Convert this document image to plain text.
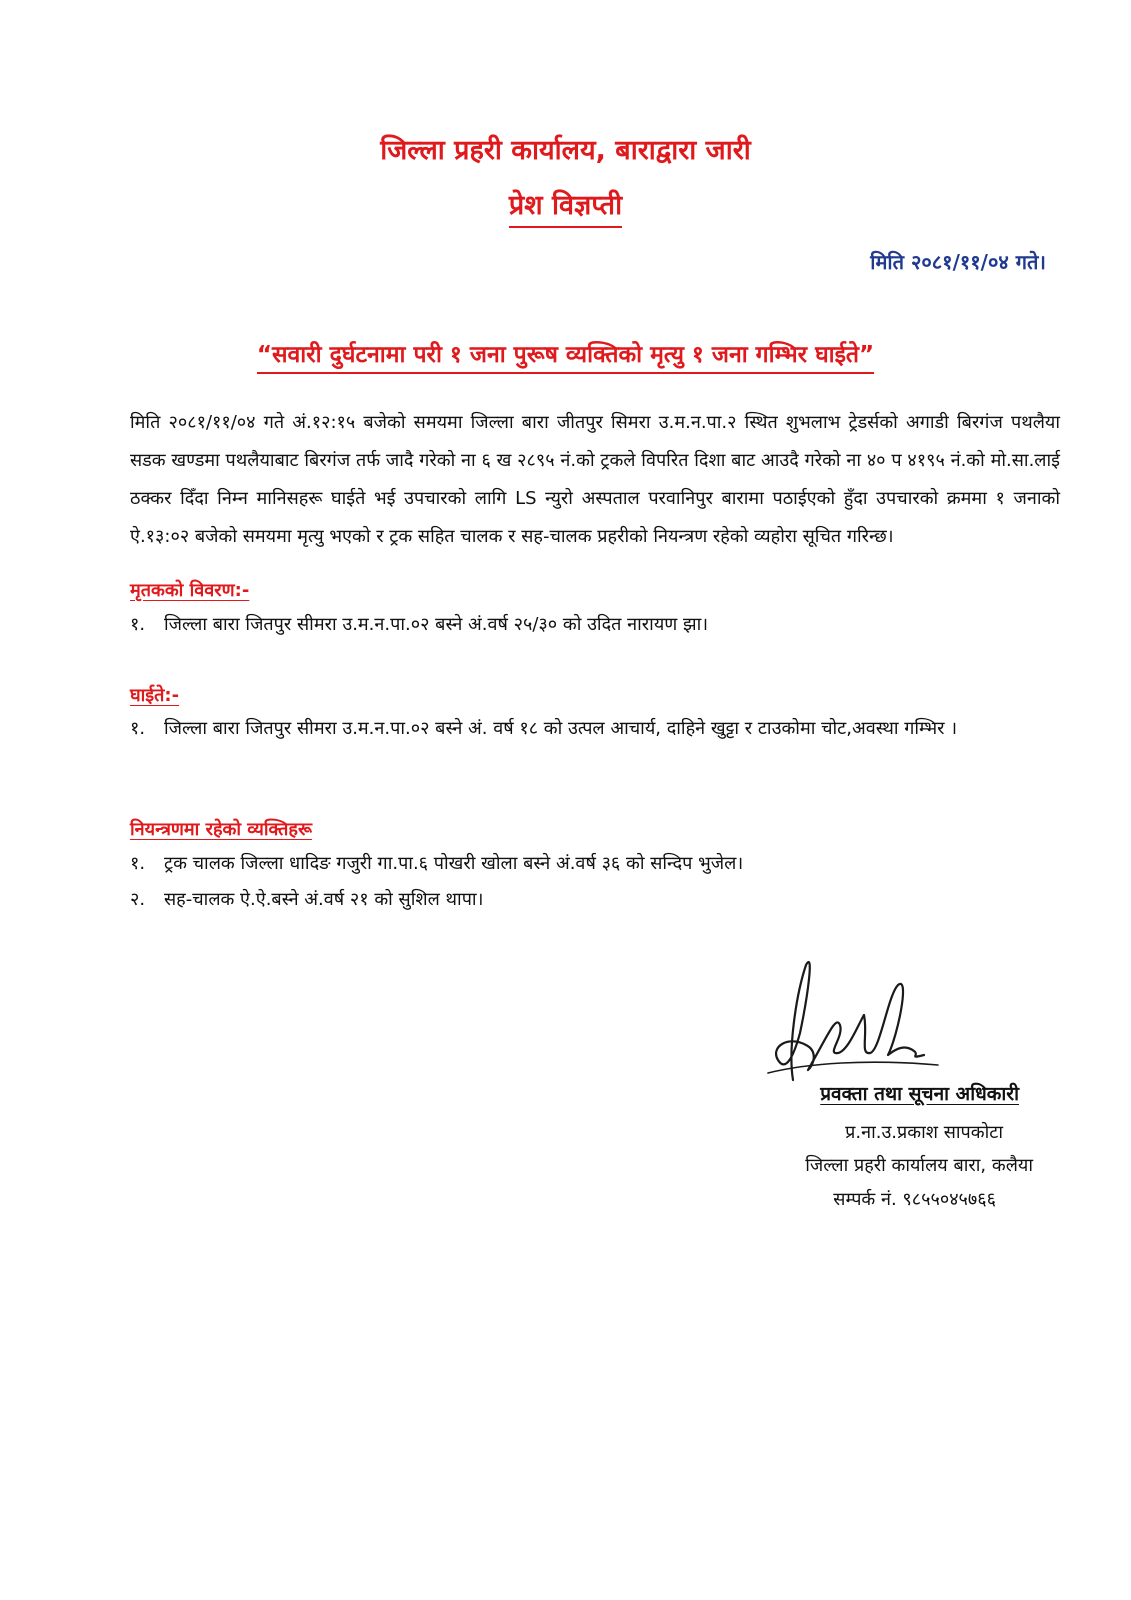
जिल्ला प्रहरी कार्यालय, बाराद्वारा जारी
प्रेश विज्ञप्ती
मिति २०८१/११/०४ गते।
“सवारी दुर्घटनामा परी १ जना पुरूष व्यक्तिको मृत्यु १ जना गम्भिर घाईते”
मिति २०८१/११/०४ गते अं.१२:१५ बजेको समयमा जिल्ला बारा जीतपुर सिमरा उ.म.न.पा.२ स्थित शुभलाभ ट्रेडर्सको अगाडी बिरगंज पथलैया सडक खण्डमा पथलैयाबाट बिरगंज तर्फ जादै गरेको ना ६ ख २८९५ नं.को ट्रकले विपरित दिशा बाट आउदै गरेको ना ४० प ४१९५ नं.को मो.सा.लाई ठक्कर दिँदा निम्न मानिसहरू घाईते भई उपचारको लागि LS न्युरो अस्पताल परवानिपुर बारामा पठाईएको हुँदा उपचारको क्रममा १ जनाको ऐ.१३:०२ बजेको समयमा मृत्यु भएको र ट्रक सहित चालक र सह-चालक प्रहरीको नियन्त्रण रहेको व्यहोरा सूचित गरिन्छ।
मृतकको विवरण:-
१. जिल्ला बारा जितपुर सीमरा उ.म.न.पा.०२ बस्ने अं.वर्ष २५/३० को उदित नारायण झा।
घाईते:-
१.	जिल्ला बारा जितपुर सीमरा उ.म.न.पा.०२ बस्ने अं. वर्ष १८ को उत्पल आचार्य, दाहिने खुट्टा र टाउकोमा चोट,अवस्था गम्भिर ।
नियन्त्रणमा रहेको व्यक्तिहरू
१. ट्रक चालक जिल्ला धादिङ गजुरी गा.पा.६ पोखरी खोला बस्ने अं.वर्ष ३६ को सन्दिप भुजेल।
२. सह-चालक ऐ.ऐ.बस्ने अं.वर्ष २१ को सुशिल थापा।
प्रवक्ता तथा सूचना अधिकारी
प्र.ना.उ.प्रकाश सापकोटा
जिल्ला प्रहरी कार्यालय बारा, कलैया
सम्पर्क नं. ९८५५०४५७६६
